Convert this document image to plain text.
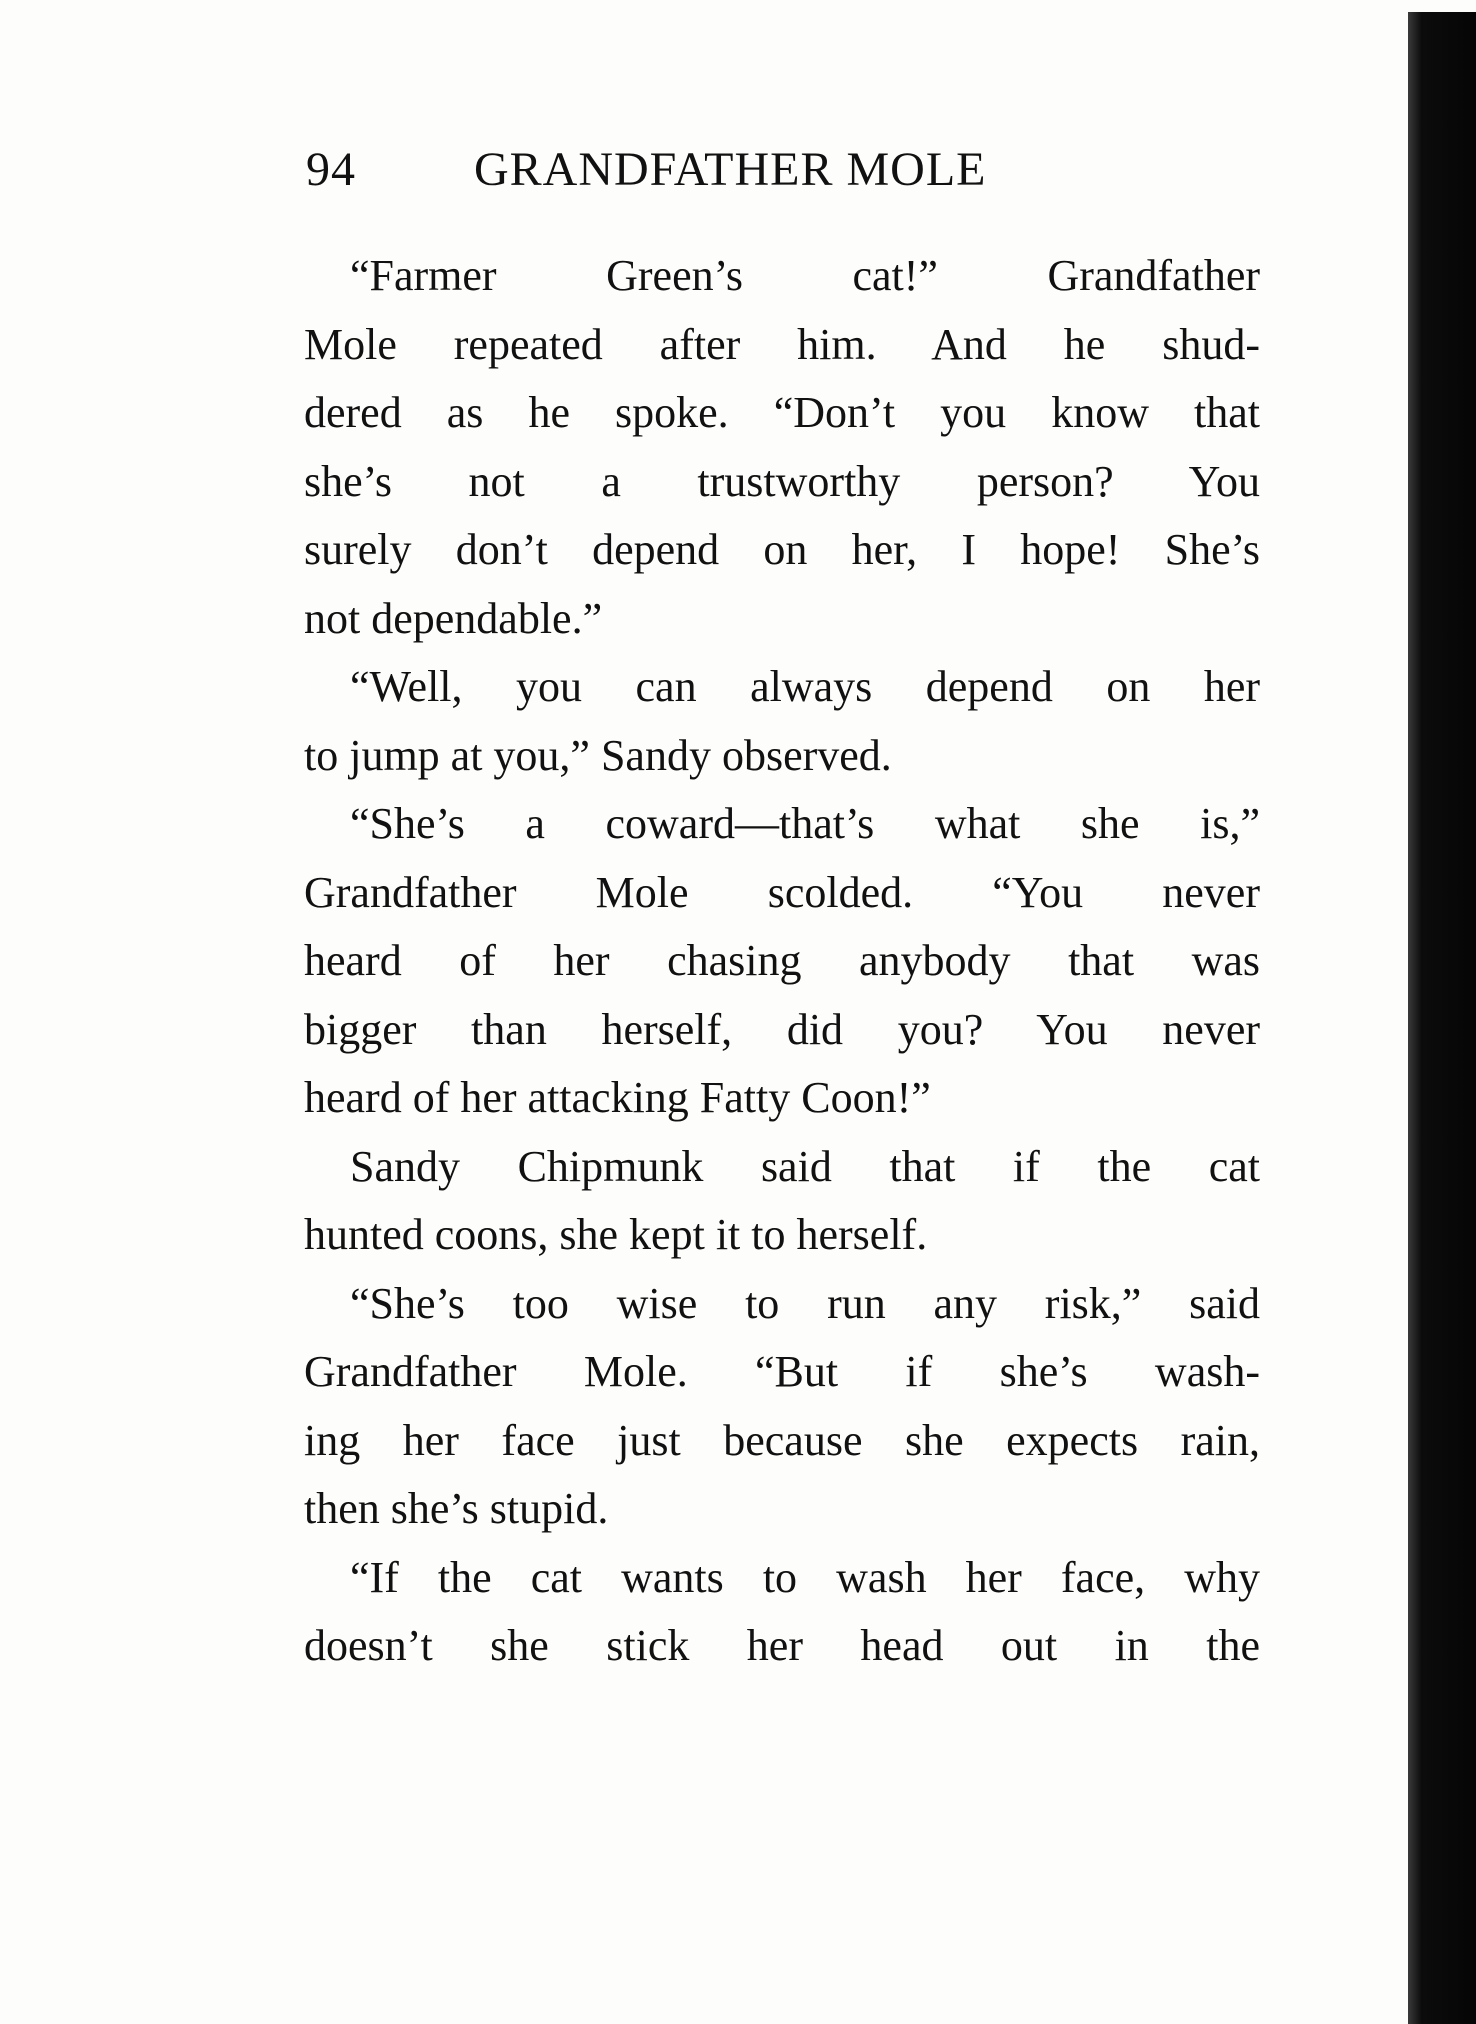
94 GRANDFATHER MOLE

“Farmer Green’s cat!” Grandfather
Mole repeated after him. And he shud-
dered as he spoke. “Don’t you know that
she’s not a trustworthy person? You
surely don’t depend on her, I hope! She’s
not dependable.”

“Well, you can always depend on her
to jump at you,” Sandy observed.

“She’s a coward—that’s what she is,”
Grandfather Mole scolded. “You never
heard of her chasing anybody that was
bigger than herself, did you? You never
heard of her attacking Fatty Coon!”

Sandy Chipmunk said that if the cat
hunted coons, she kept it to herself.

“She’s too wise to run any risk,” said
Grandfather Mole. “But if she’s wash-
ing her face just because she expects rain,
then she’s stupid.

“If the cat wants to wash her face, why
doesn’t she stick her head out in the
